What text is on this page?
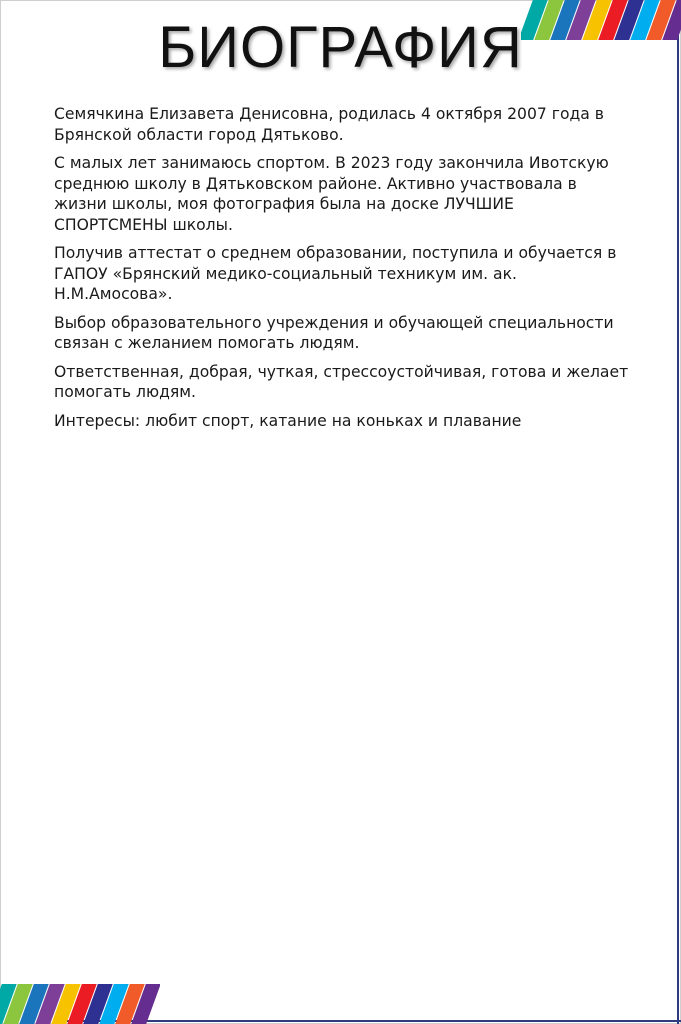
БИОГРАФИЯ

Семячкина Елизавета Денисовна, родилась 4 октября 2007 года в Брянской области город Дятьково.

С малых лет занимаюсь спортом. В 2023 году закончила Ивотскую среднюю школу в Дятьковском районе. Активно участвовала в жизни школы, моя фотография была на доске ЛУЧШИЕ СПОРТСМЕНЫ школы.

Получив аттестат о среднем образовании, поступила и обучается в ГАПОУ «Брянский медико-социальный техникум им. ак. Н.М.Амосова».

Выбор образовательного учреждения и обучающей специальности связан с желанием помогать людям.

Ответственная, добрая, чуткая, стрессоустойчивая, готова и желает помогать людям.

Интересы: любит спорт, катание на коньках и плавание
